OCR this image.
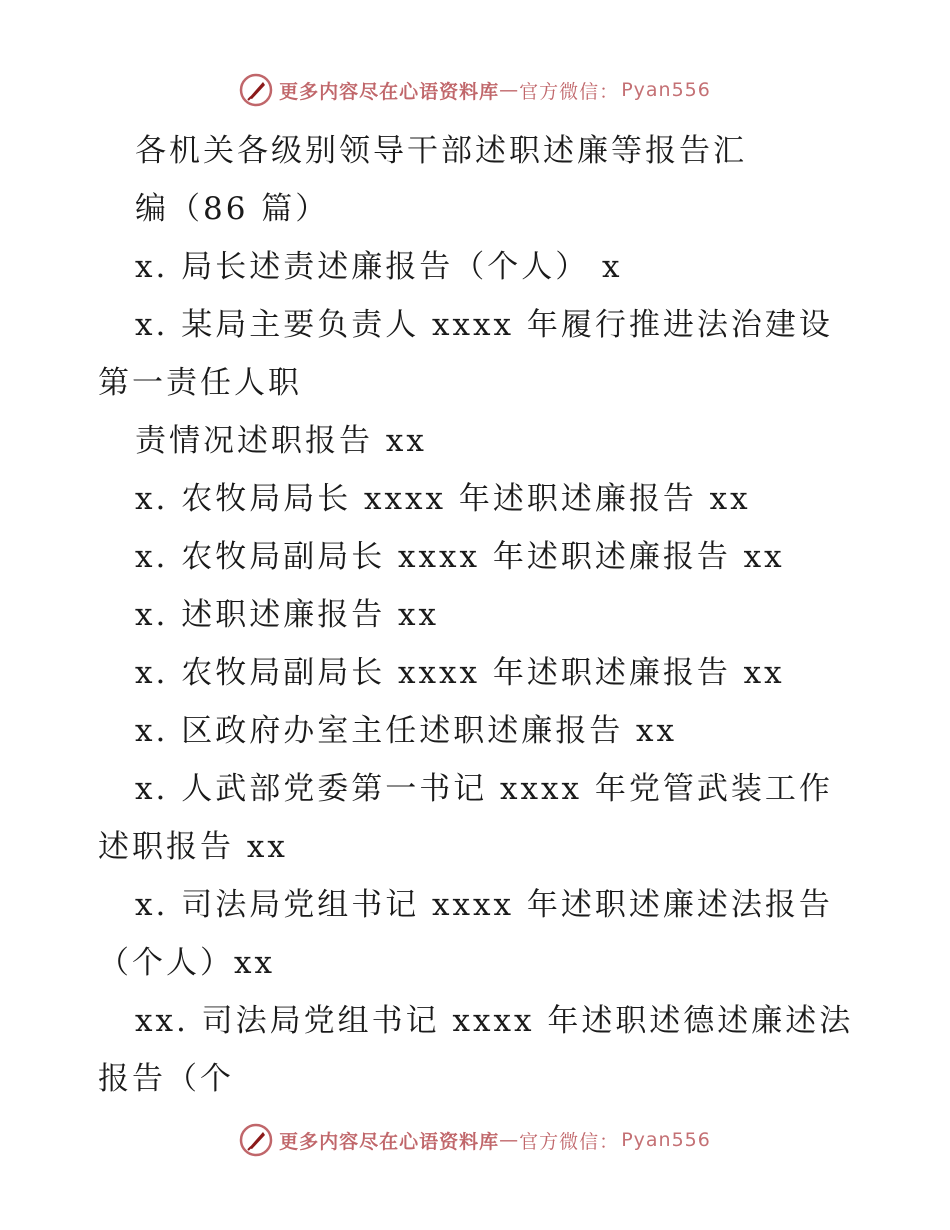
更多内容尽在心语资料库 — 官方微信： Pyan556
各机关各级别领导干部述职述廉等报告汇
编（86 篇）
x. 局长述责述廉报告（个人） x
x. 某局主要负责人 xxxx 年履行推进法治建设
第一责任人职
责情况述职报告 xx
x. 农牧局局长 xxxx 年述职述廉报告 xx
x. 农牧局副局长 xxxx 年述职述廉报告 xx
x. 述职述廉报告 xx
x. 农牧局副局长 xxxx 年述职述廉报告 xx
x. 区政府办室主任述职述廉报告 xx
x. 人武部党委第一书记 xxxx 年党管武装工作
述职报告 xx
x. 司法局党组书记 xxxx 年述职述廉述法报告
（个人）xx
xx. 司法局党组书记 xxxx 年述职述德述廉述法
报告（个
更多内容尽在心语资料库 — 官方微信： Pyan556
